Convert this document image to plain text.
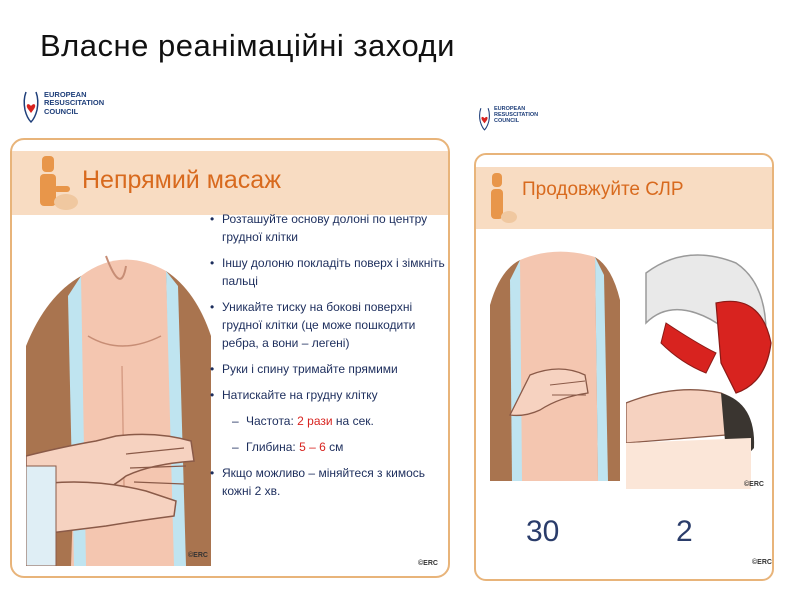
Власне реанімаційні заходи
EUROPEAN
RESUSCITATION
COUNCIL	EUROPEAN
RESUSCITATION
COUNCIL
Непрямий масаж
• Розташуйте основу долоні по центру грудної клітки
• Іншу долоню покладіть поверх і зімкніть пальці
• Уникайте тиску на бокові поверхні грудної клітки (це може пошкодити ребра, а вони – легені)
• Руки і спину тримайте прямими
• Натискайте на грудну клітку
– Частота: 2 рази на сек.
– Глибина: 5 – 6 см
• Якщо можливо – міняйтеся з кимось кожні 2 хв.
©ERC
©ERC
Продовжуйте СЛР
30	2
©ERC
©ERC
